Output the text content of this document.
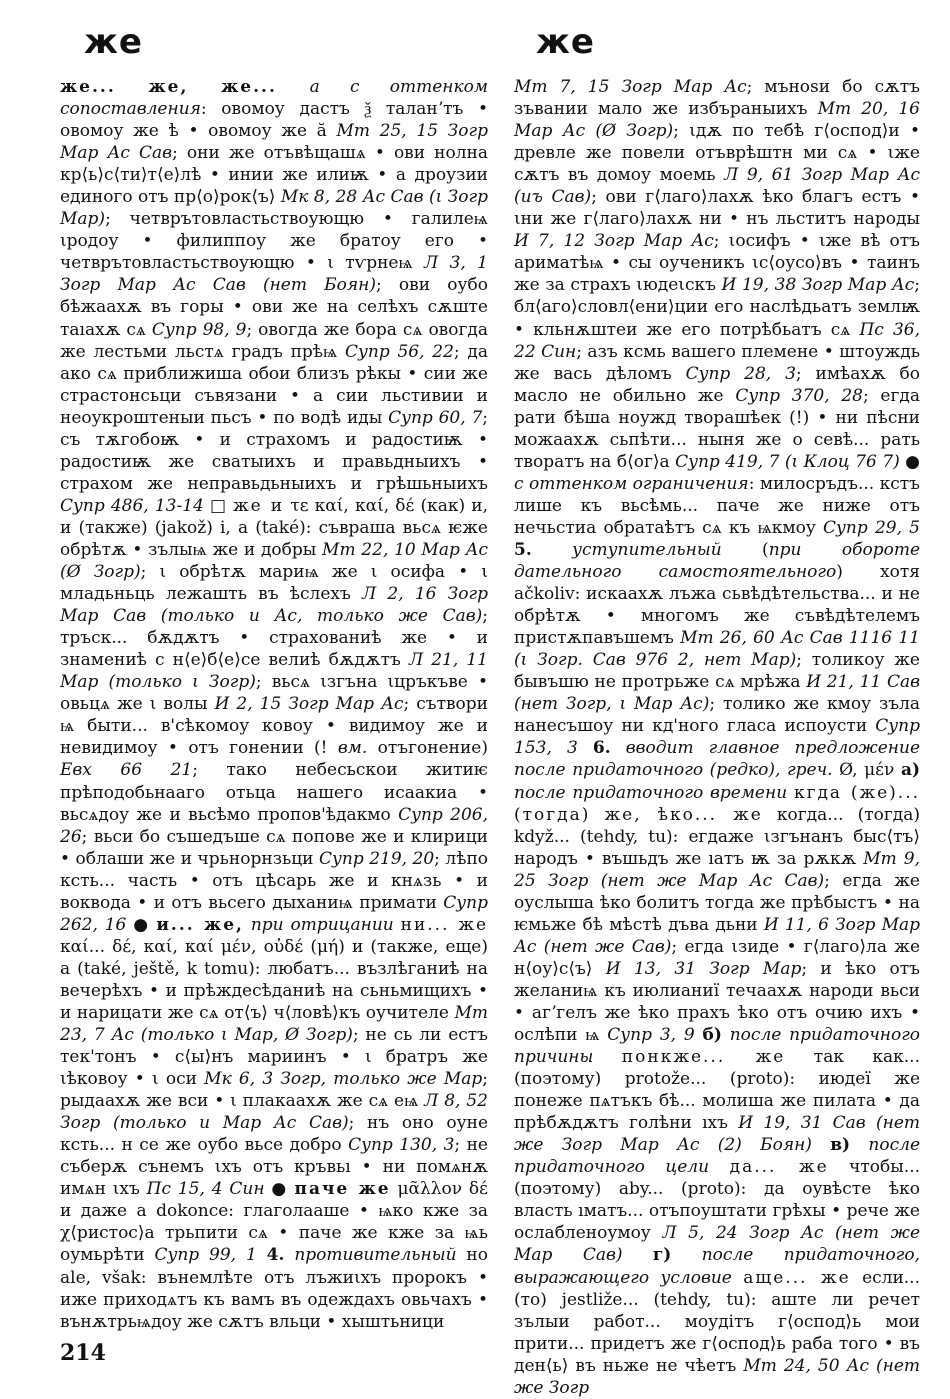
же	же

же... же, же... а с оттенком сопоставления: овомоу дастъ ѯ таланʼтъ • овомоу же ѣ • овомоу же ӑ Мт 25, 15 Зогр Мар Ас Сав; они же отъвѣщашѧ • ови нолна кр⟨ь⟩с⟨ти⟩т⟨е⟩лѣ • инии же илиѭ • а дроузии единого отъ пр⟨о⟩рок⟨ъ⟩ Мк 8, 28 Ас Сав (ι Зогр Мар); четврътовластьствоующю • галилеѩ ιродоу • филиппоу же братоу его • четврътовластьствоующю • ι тѵрнеѩ Л 3, 1 Зогр Мар Ас Сав (нет Боян); ови оубо бѣжаахѫ въ горы • ови же на селѣхъ сѫште таıахѫ сѧ Супр 98, 9; овогда же бора сѧ овогда же лестьми льстѧ градъ прѣѩ Супр 56, 22; да ако сѧ приближиша обои близъ рѣкы • сии же страстонсьци съвязани • а сии льстивии и неоукроштеныи пьсъ • по водѣ иды Супр 60, 7; съ тѫгобоѭ • и страхомъ и радостиѭ • радостиѭ же сватыихъ и правьдныихъ • страхом же неправьдьныихъ и грѣшьныихъ Супр 486, 13-14 □ же и τε καί, καί, δέ (как) и, и (также) (jakož) i, a (také): съвраша вьсѧ ѥже обрѣтѫ • зълыѩ же и добры Мт 22, 10 Мар Ас (Ø Зогр); ι обрѣтѫ мариѩ же ι осифа • ι младьньць лежашть въ ѣслехъ Л 2, 16 Зогр Мар Сав (только и Ас, только же Сав); тръск... бѫдѫтъ • страхованиѣ же • и знамениѣ с н⟨е⟩б⟨е⟩се велиѣ бѫдѫтъ Л 21, 11 Мар (только ι Зогр); вьсѧ ιзгъна ιцръкъве • овьцѧ же ι волы И 2, 15 Зогр Мар Ас; сътвори ѩ быти... в'сѣкомоу ковоу • видимоу же и невидимоу • отъ гонении (! вм. отъгонение) Евх 66 21; тако небесьскои житиѥ прѣподобьнааго отьца нашего исаакиа • вьсѧдоу же и вьсѣмо пропов'ѣдакмо Супр 206, 26; вьси бо съшедъше сѧ попове же и клирици • облаши же и чрьнорнзьци Супр 219, 20; лѣпо ксть... часть • отъ цѣсарь же и кнѧзь • и воквода • и отъ вьсего дыханиѩ примати Супр 262, 16 ● и... же, при отрицании ни... же καί... δέ, καί, καί μέν, οὐδέ (μή) и (также, еще) a (také, ještě, k tomu): любатъ... възлѣганиѣ на вечерѣхъ • и прѣждесѣданиѣ на сьньмищихъ • и нарицати же сѧ от⟨ъ⟩ ч⟨ловѣ⟩къ оучителе Мт 23, 7 Ас (только ι Мар, Ø Зогр); не сь ли естъ тек'тонъ • с⟨ы⟩нъ мариинъ • ι братръ же ιѣковоу • ι оси Мк 6, 3 Зогр, только же Мар; рыдаахѫ же вси • ι плакаахѫ же сѧ еѩ Л 8, 52 Зогр (только и Мар Ас Сав); нъ оно оуне ксть... н се же оубо вьсе добро Супр 130, 3; не съберѫ сънемъ ιхъ отъ кръвьı • ни помѧнѫ имѧн ιхъ Пс 15, 4 Син ● паче же μᾶλλον δέ и даже a dokonce: глаголааше • ѩко кже за χ⟨ристос⟩а трьпити сѧ • паче же кже за ѩь оумьрѣти Супр 99, 1 4. противительный но ale, však: вънемлѣте отъ лъжиιхъ пророкъ • иже приходѧтъ къ вамъ въ одеждахъ овьчахъ • вънѫтрьѩдоу же сѫтъ вльци • хыштьници

Мт 7, 15 Зогр Мар Ас; мъноѕи бо сѫтъ зъвании мало же избъраныихъ Мт 20, 16 Мар Ас (Ø Зогр); ιдѫ по тебѣ г⟨оспод⟩и • древле же повели отъврѣштн ми сѧ • ιже сѫтъ въ домоу моемь Л 9, 61 Зогр Мар Ас (иъ Сав); ови г⟨лаго⟩лахѫ ѣко благъ естъ • ιни же г⟨лаго⟩лахѫ ни • нъ льститъ народы И 7, 12 Зогр Мар Ас; ιосифъ • ιже вѣ отъ ариматѣѩ • сы оученикъ ιс⟨оусо⟩въ • таинъ же за страхъ ιюдеιскъ И 19, 38 Зогр Мар Ас; бл⟨аго⟩словл⟨ени⟩ции его наслѣдьатъ землѭ • кльнѫштеи же его потрѣбьатъ сѧ Пс 36, 22 Син; азъ ксмь вашего племене • штоуждь же вась дѣломъ Супр 28, 3; имѣахѫ бо масло не обильно же Супр 370, 28; егда рати бѣша ноужд творашѣек (!) • ни пѣсни можаахѫ сьпѣти... ныня же о севѣ... рать творатъ на б⟨ог⟩а Супр 419, 7 (ι Клоц 76 7) ● с оттенком ограничения: милосръдъ... кстъ лише къ вьсѣмь... паче же ниже отъ нечьстиа обратаѣтъ сѧ къ ѩкмоу Супр 29, 5 5. уступительный (при обороте дательного самостоятельного) хотя ačkoliv: искаахѫ лъжа сьвѣдѣтельства... и не обрѣтѫ • многомъ же съвѣдѣтелемъ пристѫпавъшемъ Мт 26, 60 Ас Сав 1116 11 (ι Зогр. Сав 976 2, нет Мар); толикоу же бывъшю не протрьже сѧ мрѣжа И 21, 11 Сав (нет Зогр, ι Мар Ас); толико же кмоу зъла нанесъшоу ни кд'ного гласа испоусти Супр 153, 3 6. вводит главное предложение после придаточного (редко), греч. Ø, μέν а) после придаточного времени кгда (же)... (тогда) же, ѣко... же когда... (тогда) když... (tehdy, tu): егдаже ιзгънанъ быс⟨тъ⟩ народъ • въшьдъ же ıатъ ѭ за рѫкѫ Мт 9, 25 Зогр (нет же Мар Ас Сав); егда же оуслыша ѣко болитъ тогда же прѣбыстъ • на ѥмьже бѣ мѣстѣ дъва дьни И 11, 6 Зогр Мар Ас (нет же Сав); егда ιзиде • г⟨лаго⟩ла же н⟨оу⟩с⟨ъ⟩ И 13, 31 Зогр Мар; и ѣко отъ желаниѩ къ июлианиї течаахѫ народи вьси • агʼгелъ же ѣко прахъ ѣко отъ очию ихъ • ослѣпи ѩ Супр 3, 9 б) после придаточного причины понкже... же так как... (поэтому) protože... (proto): июдеї же понеже пѧтъкъ бѣ... молиша же пилата • да прѣбѫдѫтъ голѣни ıхъ И 19, 31 Сав (нет же Зогр Мар Ас (2) Боян) в) после придаточного цели да... же чтобы... (поэтому) aby... (proto): да оувѣсте ѣко власть ıматъ... отъпоуштати грѣхы • рече же ослабленоумоу Л 5, 24 Зогр Ас (нет же Мар Сав) г) после придаточного, выражающего условие аще... же если... (то) jestliže... (tehdy, tu): аште ли речет зълыи работ... моудітъ г⟨оспод⟩ь мои прити... придетъ же г⟨оспод⟩ь раба того • въ ден⟨ь⟩ въ ньже не чѣетъ Мт 24, 50 Ас (нет же Зогр

214
